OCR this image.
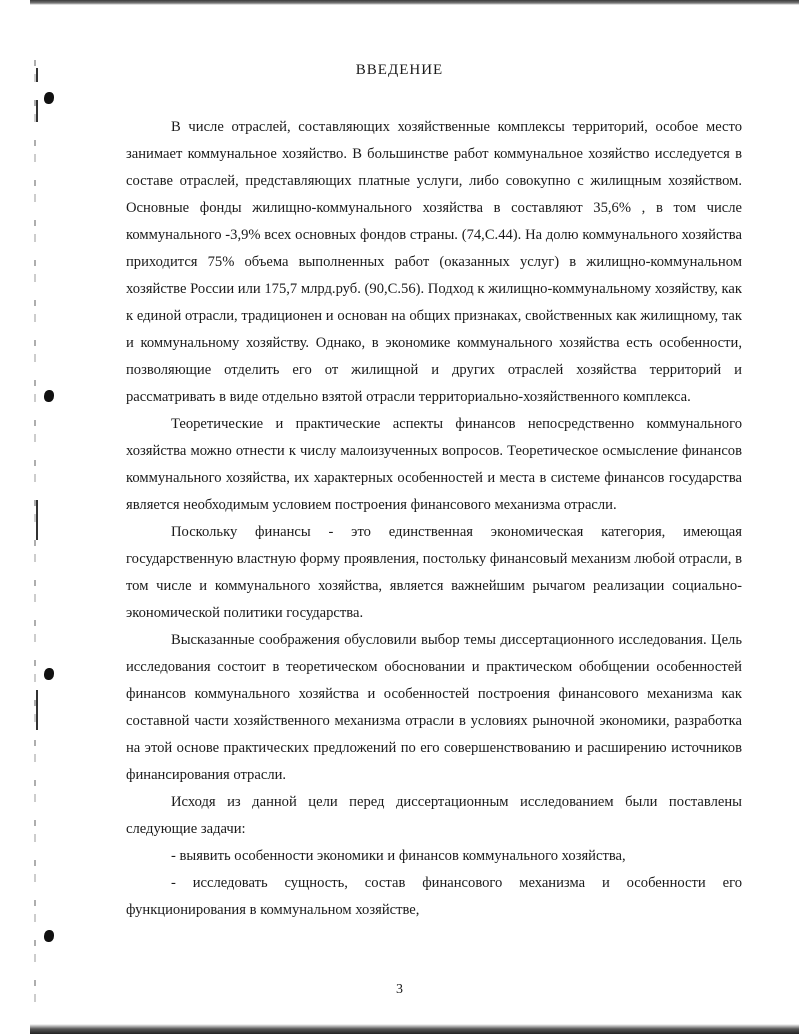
ВВЕДЕНИЕ

В числе отраслей, составляющих хозяйственные комплексы территорий, особое место занимает коммунальное хозяйство. В большинстве работ коммунальное хозяйство исследуется в составе отраслей, представляющих платные услуги, либо совокупно с жилищным хозяйством. Основные фонды жилищно-коммунального хозяйства в составляют 35,6% , в том числе коммунального -3,9% всех основных фондов страны. (74,С.44). На долю коммунального хозяйства приходится 75% объема выполненных работ (оказанных услуг) в жилищно-коммунальном хозяйстве России или 175,7 млрд.руб. (90,С.56). Подход к жилищно-коммунальному хозяйству, как к единой отрасли, традиционен и основан на общих признаках, свойственных как жилищному, так и коммунальному хозяйству. Однако, в экономике коммунального хозяйства есть особенности, позволяющие отделить его от жилищной и других отраслей хозяйства территорий и рассматривать в виде отдельно взятой отрасли территориально-хозяйственного комплекса.

Теоретические и практические аспекты финансов непосредственно коммунального хозяйства можно отнести к числу малоизученных вопросов. Теоретическое осмысление финансов коммунального хозяйства, их характерных особенностей и места в системе финансов государства является необходимым условием построения финансового механизма отрасли.

Поскольку финансы - это единственная экономическая категория, имеющая государственную властную форму проявления, постольку финансовый механизм любой отрасли, в том числе и коммунального хозяйства, является важнейшим рычагом реализации социально-экономической политики государства.

Высказанные соображения обусловили выбор темы диссертационного исследования. Цель исследования состоит в теоретическом обосновании и практическом обобщении особенностей финансов коммунального хозяйства и особенностей построения финансового механизма как составной части хозяйственного механизма отрасли в условиях рыночной экономики, разработка на этой основе практических предложений по его совершенствованию и расширению источников финансирования отрасли.

Исходя из данной цели перед диссертационным исследованием были поставлены следующие задачи:

- выявить особенности экономики и финансов коммунального хозяйства,

- исследовать сущность, состав финансового механизма и особенности его функционирования в коммунальном хозяйстве,

3
